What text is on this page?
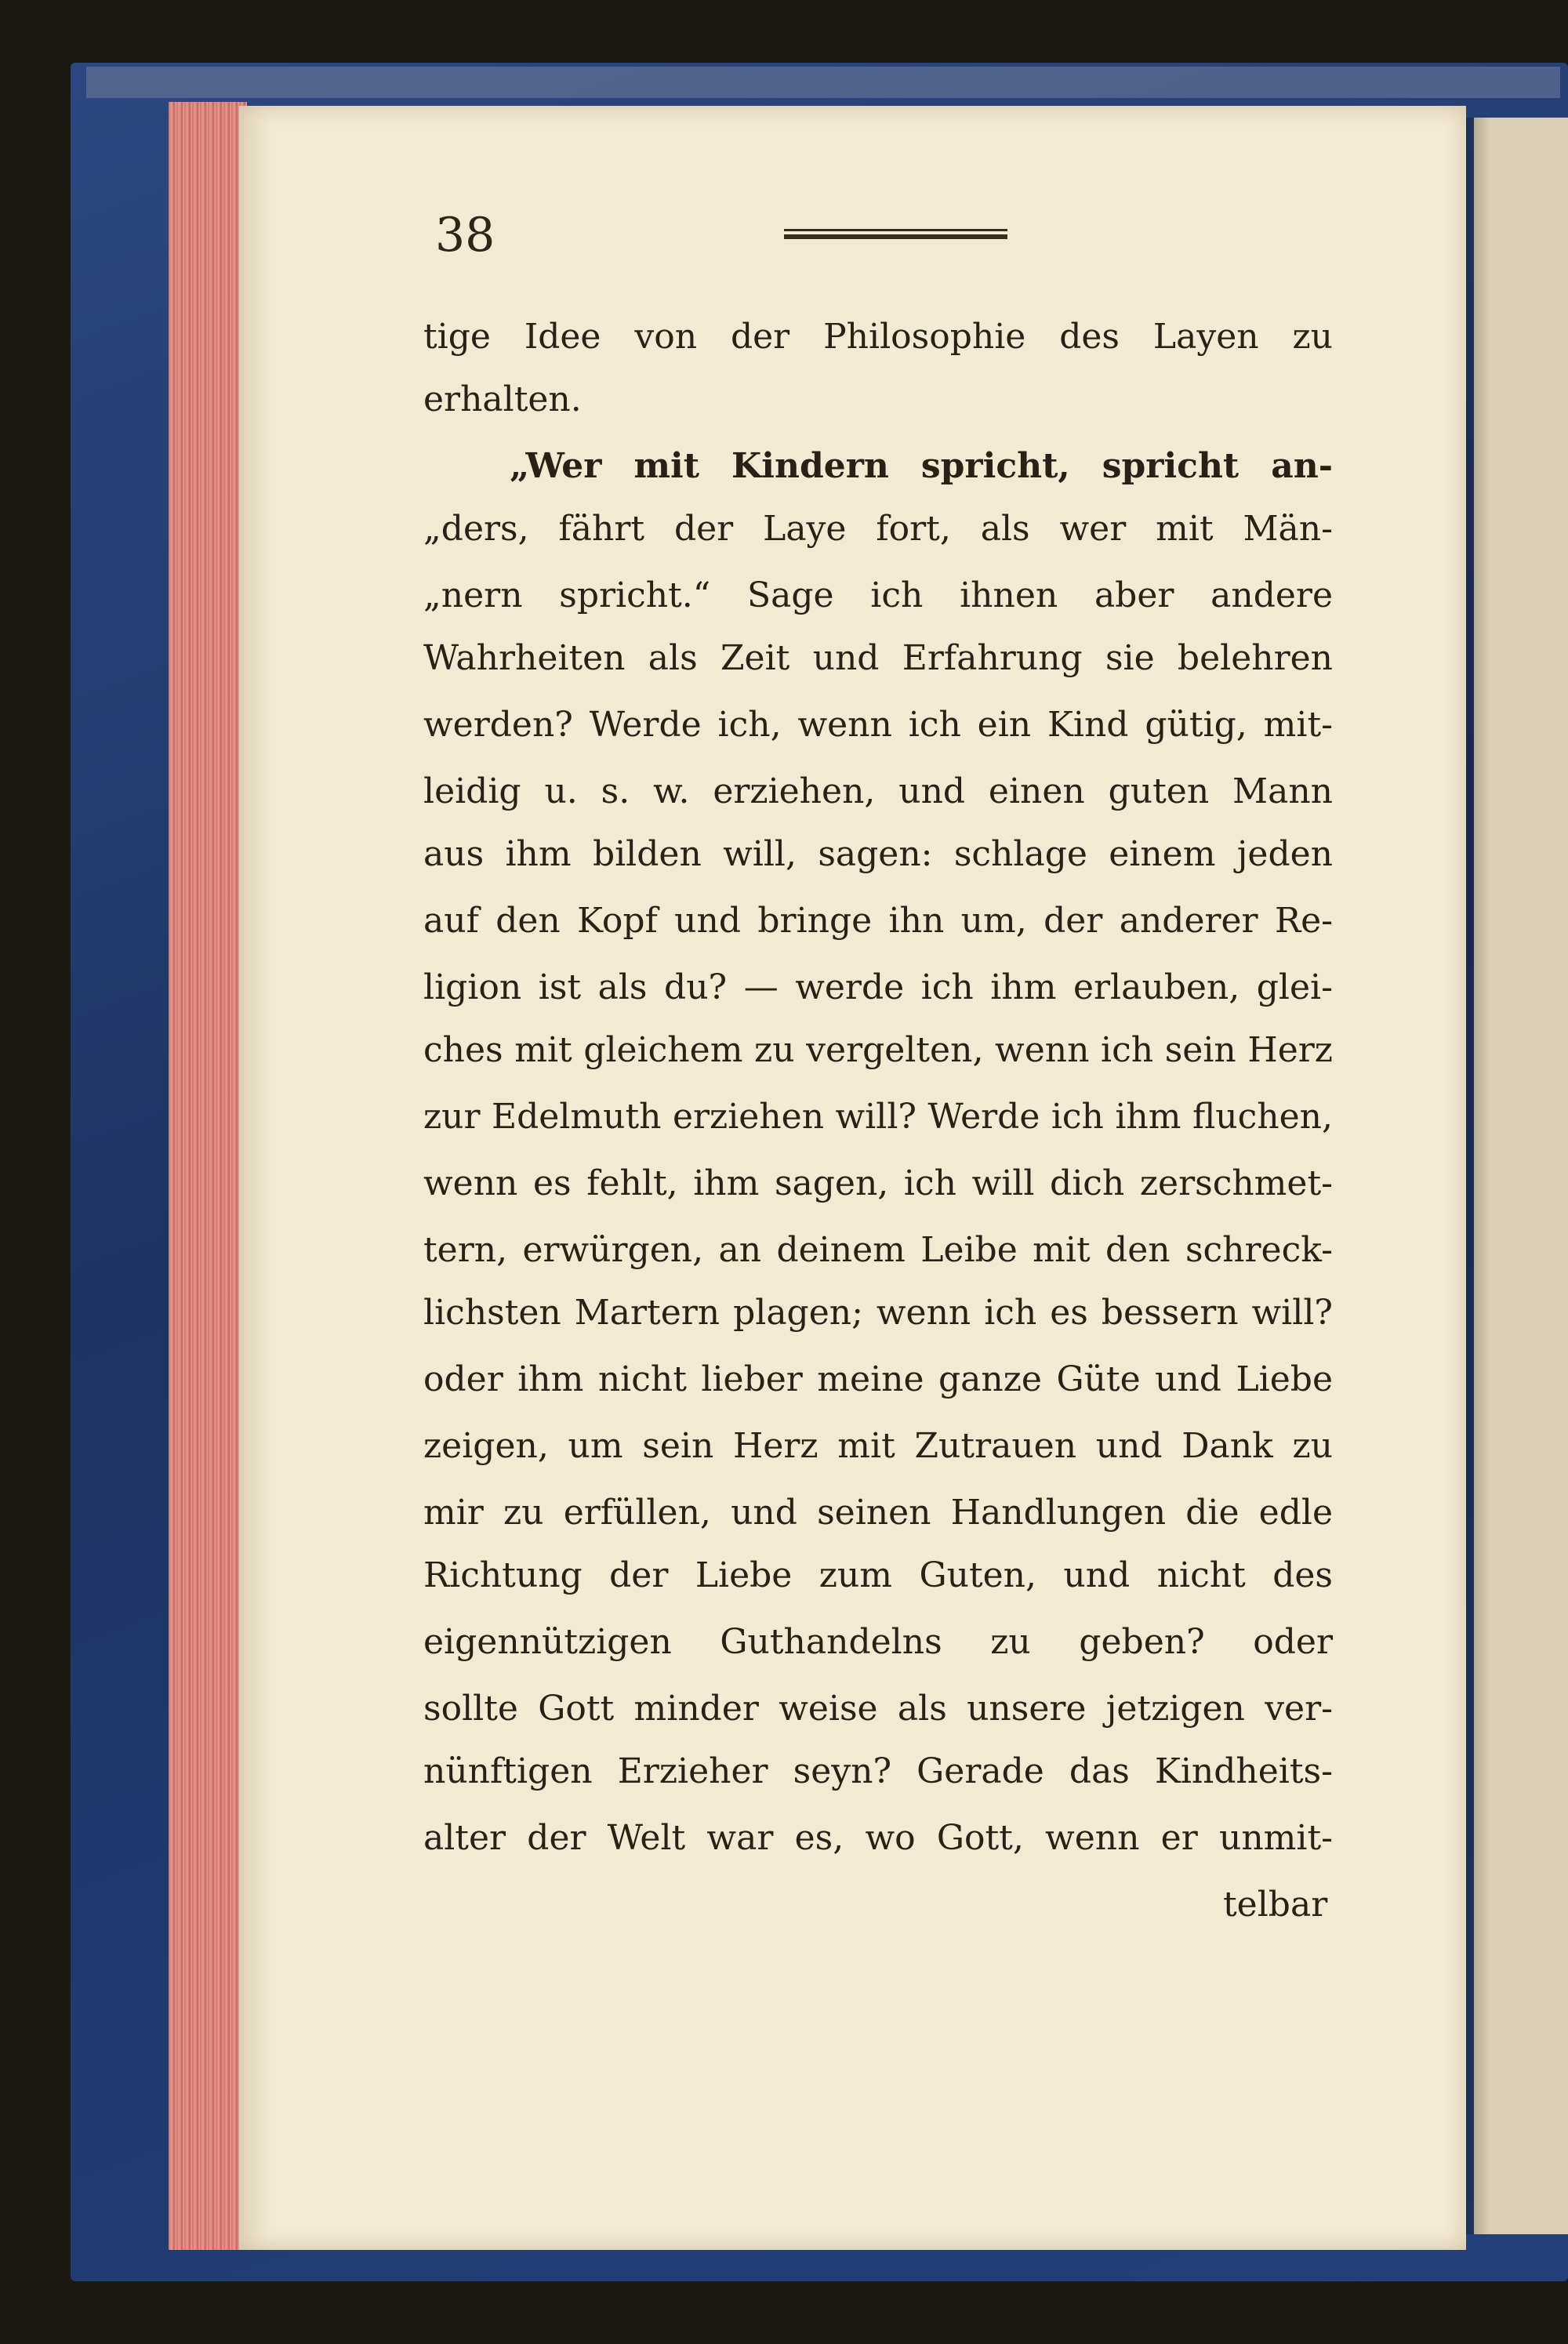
38
tige Idee von der Philosophie des Layen zu
erhalten.
„Wer mit Kindern spricht, spricht an-
„ders, fährt der Laye fort, als wer mit Män-
„nern spricht.“ Sage ich ihnen aber andere
Wahrheiten als Zeit und Erfahrung sie belehren
werden? Werde ich, wenn ich ein Kind gütig, mit-
leidig u. s. w. erziehen, und einen guten Mann
aus ihm bilden will, sagen: schlage einem jeden
auf den Kopf und bringe ihn um, der anderer Re-
ligion ist als du? — werde ich ihm erlauben, glei-
ches mit gleichem zu vergelten, wenn ich sein Herz
zur Edelmuth erziehen will? Werde ich ihm fluchen,
wenn es fehlt, ihm sagen, ich will dich zerschmet-
tern, erwürgen, an deinem Leibe mit den schreck-
lichsten Martern plagen; wenn ich es bessern will?
oder ihm nicht lieber meine ganze Güte und Liebe
zeigen, um sein Herz mit Zutrauen und Dank zu
mir zu erfüllen, und seinen Handlungen die edle
Richtung der Liebe zum Guten, und nicht des
eigennützigen Guthandelns zu geben? oder
sollte Gott minder weise als unsere jetzigen ver-
nünftigen Erzieher seyn? Gerade das Kindheits-
alter der Welt war es, wo Gott, wenn er unmit-
telbar
